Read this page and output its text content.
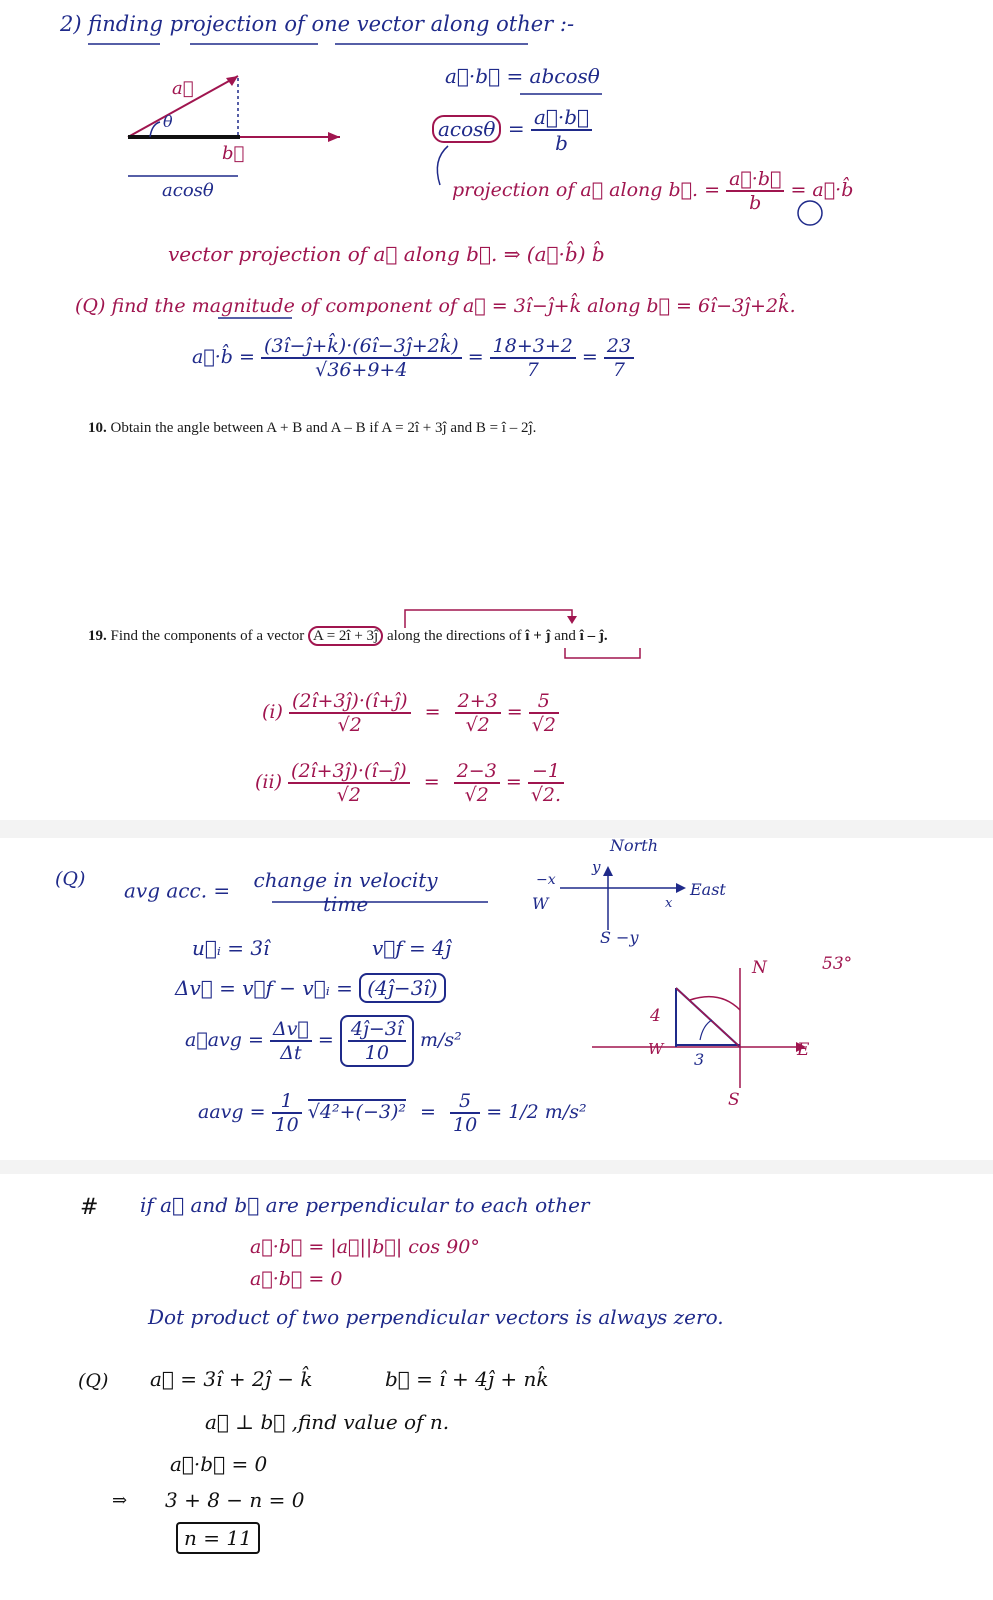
2) finding projection of one vector along other :-
a⃗
θ
b⃗
acosθ
a⃗·b⃗ = abcosθ
$acos\theta = \frac{a⃗\cdot b⃗}{b}$
projection of a⃗ along b⃗. = $\frac{a⃗\cdot b⃗}{b}$ = a⃗·b̂
vector projection of a⃗ along b⃗. ⇒ (a⃗·b̂) b̂
(Q) find the magnitude of component of a⃗ = 3î−ĵ+k̂ along b⃗ = 6î−3ĵ+2k̂.
a⃗·b̂ = $\frac{(3î-ĵ+k̂)\cdot(6î-3ĵ+2k̂)}{√36+9+4} = \frac{18+3+2}{7} = \frac{23}{7}$
10. Obtain the angle between A + B and A – B if A = 2î + 3ĵ and B = î – 2ĵ.
19. Find the components of a vector A = 2î + 3ĵ along the directions of î + ĵ and î – ĵ.
$(i) \frac{(2î+3ĵ)\cdot(î+ĵ)}{√2} = \frac{2+3}{√2} = \frac{5}{√2}$
$(ii) \frac{(2î+3ĵ)\cdot(î-ĵ)}{√2} = \frac{2-3}{√2} = \frac{-1}{√2.}$
(Q) avg acc. = change in velocity
time
u⃗ᵢ = 3î	v⃗f = 4ĵ
Δv⃗ = v⃗f − v⃗ᵢ = (4ĵ−3î)
a⃗avg = $\frac{\Delta v⃗}{\Delta t} = \frac{4ĵ-3î}{10} m/s^2$
aavg = $\frac{1}{10} √4^2+(-3)^2 = \frac{5}{10} = 1/2$ m/s²
North
y
East
x
−x
W
S −y
N	53°
4
W
3	E
S
# if a⃗ and b⃗ are perpendicular to each other
a⃗·b⃗ = |a⃗||b⃗| cos 90°
a⃗·b⃗ = 0
Dot product of two perpendicular vectors is always zero.
(Q) a⃗ = 3î + 2ĵ − k̂	b⃗ = î + 4ĵ + nk̂
a⃗ ⊥ b⃗ ,find value of n.
a⃗·b⃗ = 0
⇒ 3 + 8 − n = 0
n = 11
